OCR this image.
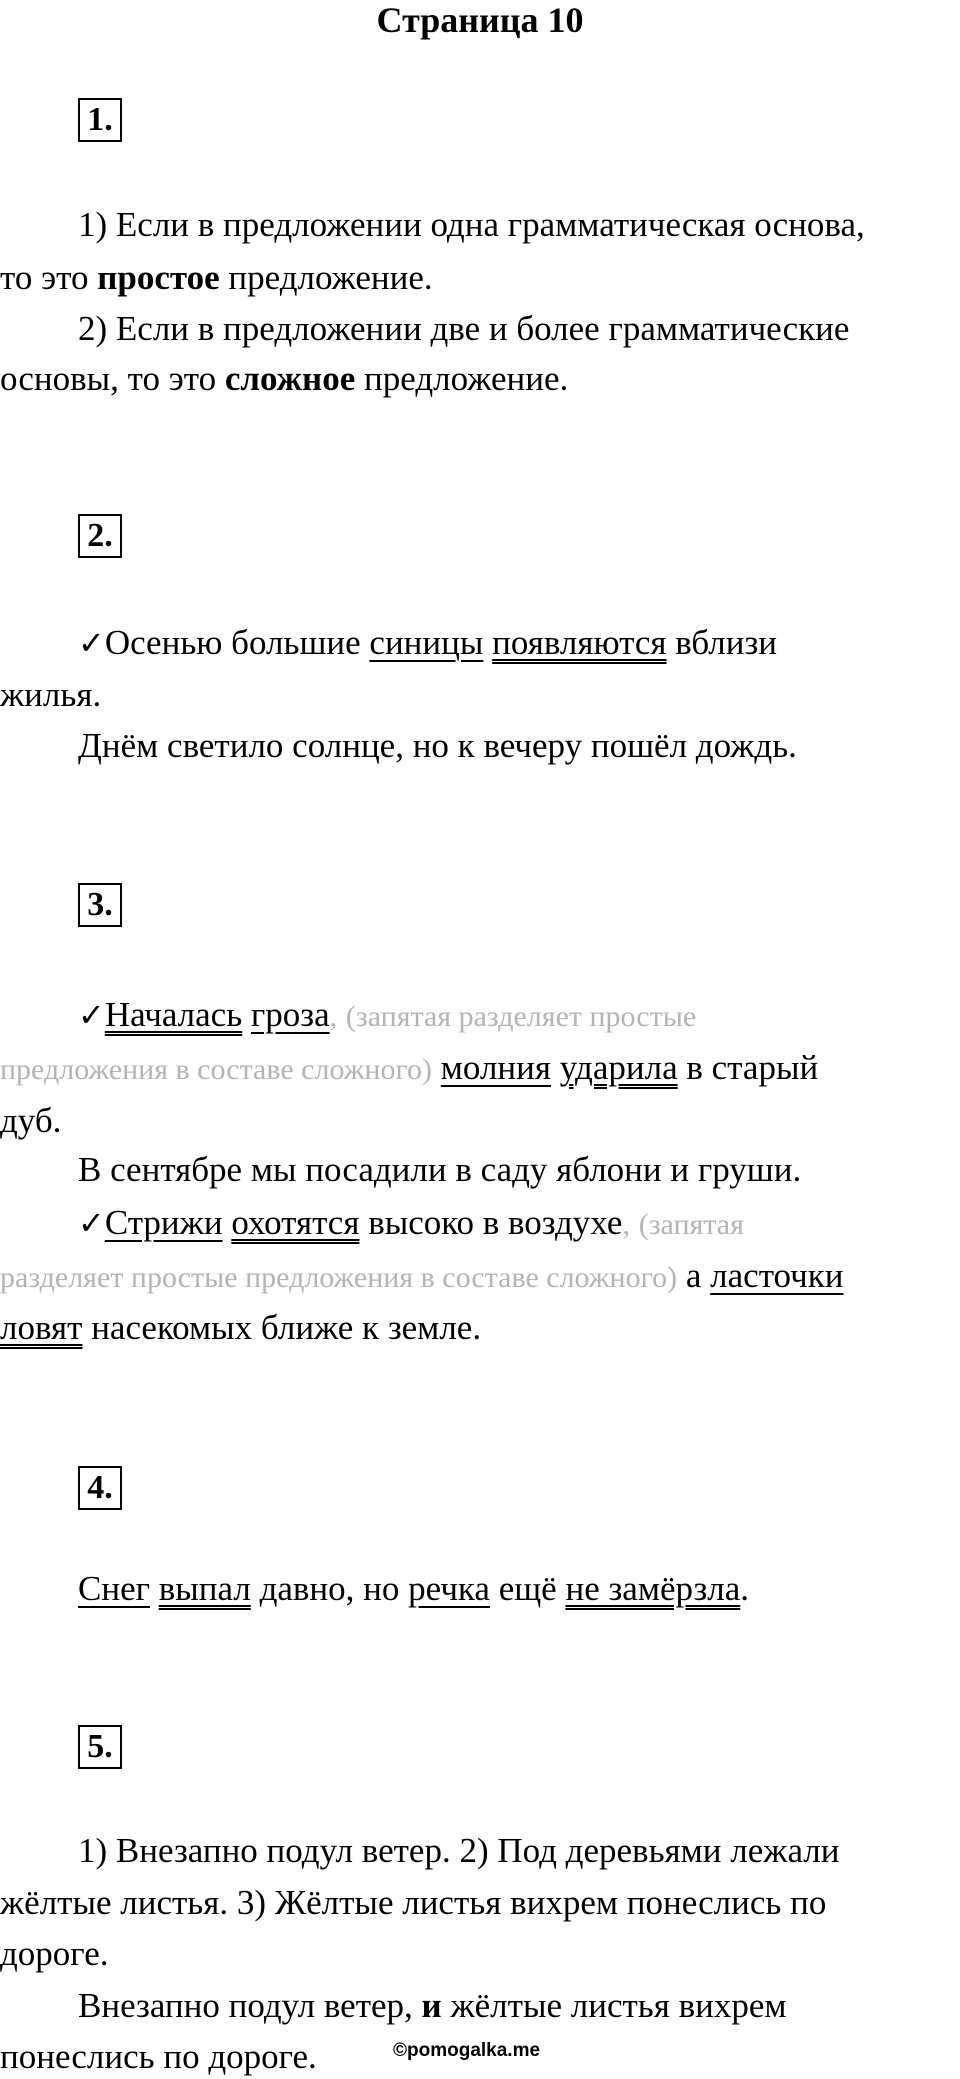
Страница 10
1.
1) Если в предложении одна грамматическая основа,
то это простое предложение.
2) Если в предложении две и более грамматические
основы, то это сложное предложение.
2.
✓Осенью большие синицы появляются вблизи
жилья.
Днём светило солнце, но к вечеру пошёл дождь.
3.
✓Началась гроза, (запятая разделяет простые
предложения в составе сложного) молния ударила в старый
дуб.
В сентябре мы посадили в саду яблони и груши.
✓Стрижи охотятся высоко в воздухе, (запятая
разделяет простые предложения в составе сложного) а ласточки
ловят насекомых ближе к земле.
4.
Снег выпал давно, но речка ещё не замёрзла.
5.
1) Внезапно подул ветер. 2) Под деревьями лежали
жёлтые листья. 3) Жёлтые листья вихрем понеслись по
дороге.
Внезапно подул ветер, и жёлтые листья вихрем
понеслись по дороге.	©pomogalka.me
